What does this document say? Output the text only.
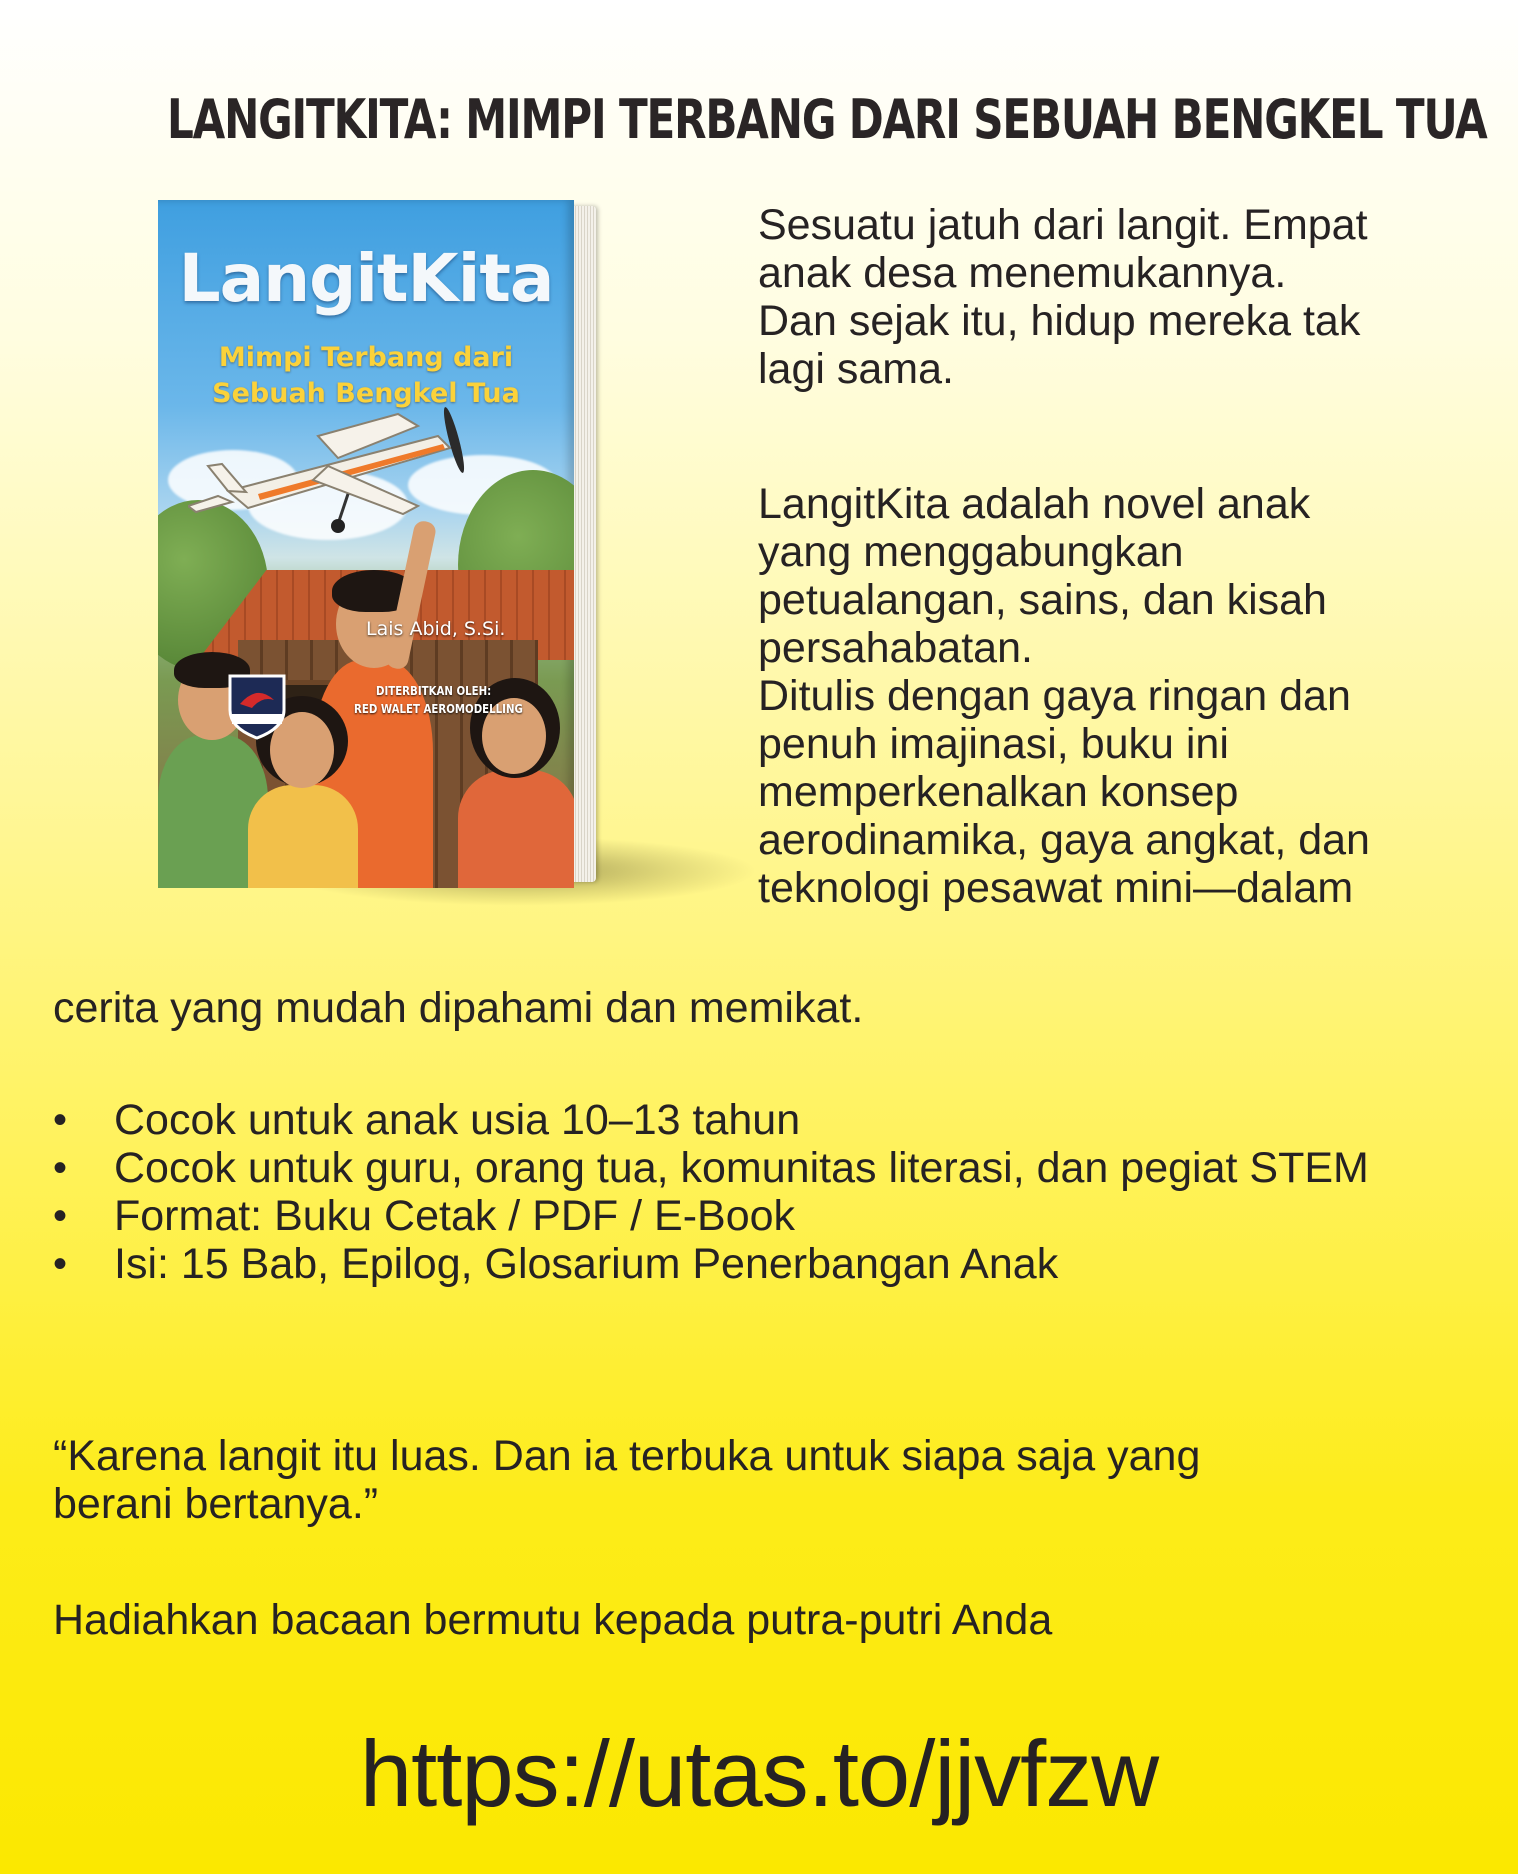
LANGITKITA: MIMPI TERBANG DARI SEBUAH BENGKEL TUA
LangitKita
Mimpi Terbang dari
Sebuah Bengkel Tua
Lais Abid, S.Si.
DITERBITKAN OLEH:
RED WALET AEROMODELLING
Sesuatu jatuh dari langit. Empat
anak desa menemukannya.
Dan sejak itu, hidup mereka tak
lagi sama.
LangitKita adalah novel anak
yang menggabungkan
petualangan, sains, dan kisah
persahabatan.
Ditulis dengan gaya ringan dan
penuh imajinasi, buku ini
memperkenalkan konsep
aerodinamika, gaya angkat, dan
teknologi pesawat mini—dalam
cerita yang mudah dipahami dan memikat.
• Cocok untuk anak usia 10–13 tahun
• Cocok untuk guru, orang tua, komunitas literasi, dan pegiat STEM
• Format: Buku Cetak / PDF / E-Book
• Isi: 15 Bab, Epilog, Glosarium Penerbangan Anak
“Karena langit itu luas. Dan ia terbuka untuk siapa saja yang
berani bertanya.”
Hadiahkan bacaan bermutu kepada putra-putri Anda
https://utas.to/jjvfzw
